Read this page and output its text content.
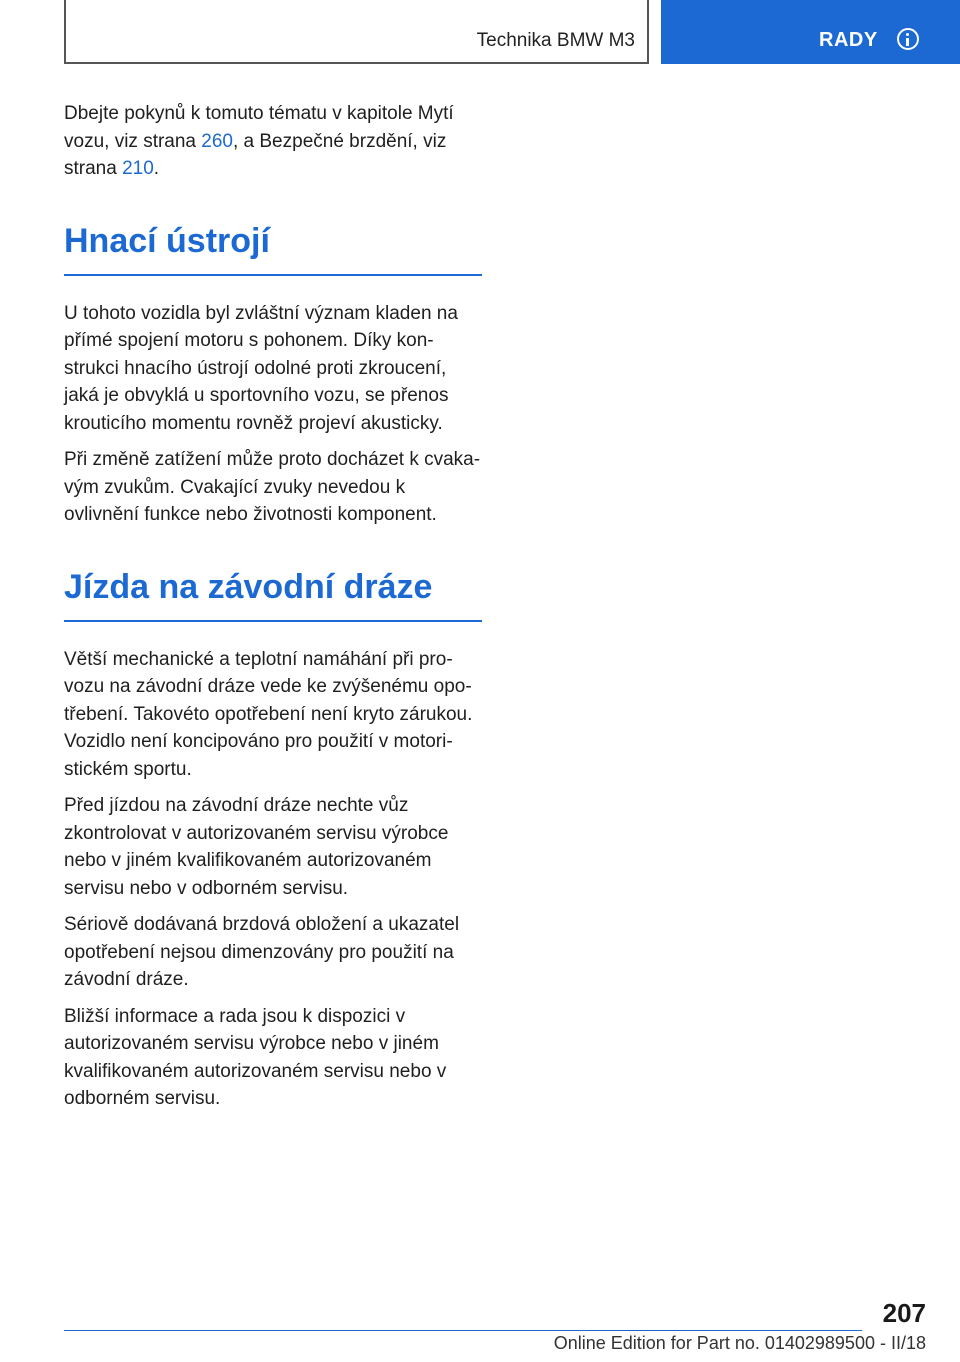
Technika BMW M3	RADY

Dbejte pokynů k tomuto tématu v kapitole Mytí vozu, viz strana 260, a Bezpečné brzdění, viz strana 210.

Hnací ústrojí

U tohoto vozidla byl zvláštní význam kladen na přímé spojení motoru s pohonem. Díky konstrukci hnacího ústrojí odolné proti zkroucení, jaká je obvyklá u sportovního vozu, se přenos krouticího momentu rovněž projeví akusticky.

Při změně zatížení může proto docházet k cvakavým zvukům. Cvakající zvuky nevedou k ovlivnění funkce nebo životnosti komponent.

Jízda na závodní dráze

Větší mechanické a teplotní namáhání při provozu na závodní dráze vede ke zvýšenému opotřebení. Takovéto opotřebení není kryto zárukou. Vozidlo není koncipováno pro použití v motoristickém sportu.

Před jízdou na závodní dráze nechte vůz zkontrolovat v autorizovaném servisu výrobce nebo v jiném kvalifikovaném autorizovaném servisu nebo v odborném servisu.

Sériově dodávaná brzdová obložení a ukazatel opotřebení nejsou dimenzovány pro použití na závodní dráze.

Bližší informace a rada jsou k dispozici v autorizovaném servisu výrobce nebo v jiném kvalifikovaném autorizovaném servisu nebo v odborném servisu.

207
Online Edition for Part no. 01402989500 - II/18
